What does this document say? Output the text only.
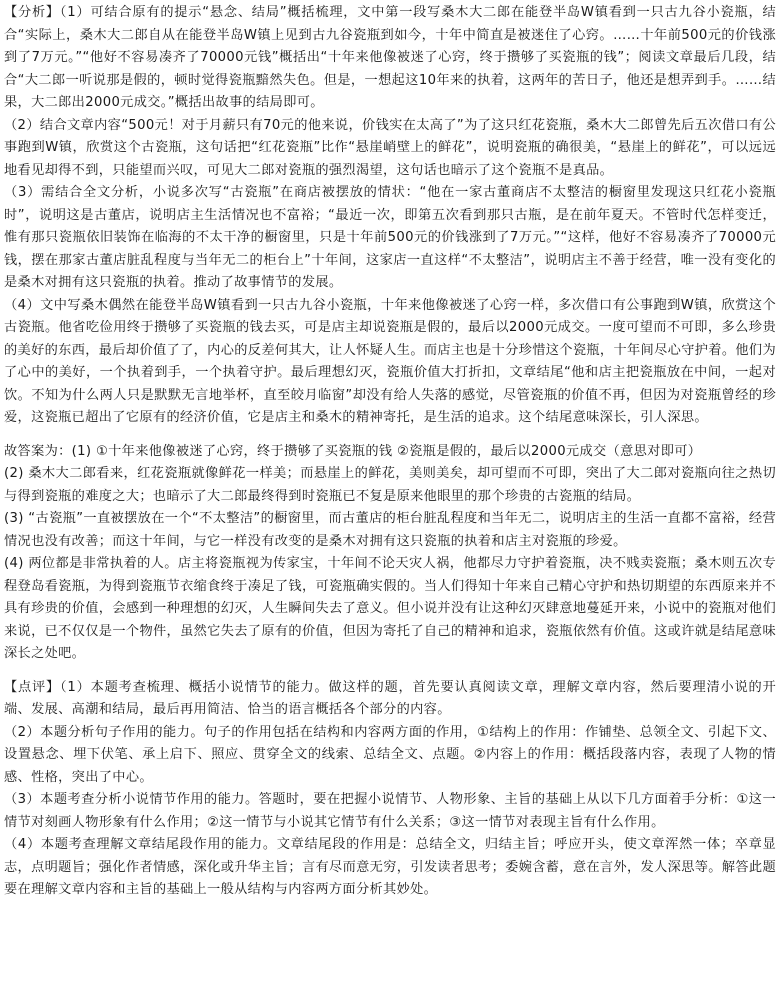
【分析】（1）可结合原有的提示“悬念、结局”概括梳理，文中第一段写桑木大二郎在能登半岛W镇看到一只古九谷小瓷瓶，结合“实际上，桑木大二郎自从在能登半岛W镇上见到古九谷瓷瓶到如今，十年中简直是被迷住了心窍。……十年前500元的价钱涨到了7万元。”“他好不容易凑齐了70000元钱”概括出“十年来他像被迷了心窍，终于攒够了买瓷瓶的钱”；阅读文章最后几段，结合“大二郎一听说那是假的，顿时觉得瓷瓶黯然失色。但是，一想起这10年来的执着，这两年的苦日子，他还是想弄到手。……结果，大二郎出2000元成交。”概括出故事的结局即可。

（2）结合文章内容“500元！对于月薪只有70元的他来说，价钱实在太高了”为了这只红花瓷瓶，桑木大二郎曾先后五次借口有公事跑到W镇，欣赏这个古瓷瓶，这句话把“红花瓷瓶”比作“悬崖峭壁上的鲜花”，说明瓷瓶的确很美，“悬崖上的鲜花”，可以远远地看见却得不到，只能望而兴叹，可见大二郎对瓷瓶的强烈渴望，这句话也暗示了这个瓷瓶不是真品。

（3）需结合全文分析，小说多次写“古瓷瓶”在商店被摆放的情状：“他在一家古董商店不太整洁的橱窗里发现这只红花小瓷瓶时”，说明这是古董店，说明店主生活情况也不富裕；“最近一次，即第五次看到那只古瓶，是在前年夏天。不管时代怎样变迁，惟有那只瓷瓶依旧装饰在临海的不太干净的橱窗里，只是十年前500元的价钱涨到了7万元。”“这样，他好不容易凑齐了70000元钱，摆在那家古董店脏乱程度与当年无二的柜台上”十年间，这家店一直这样“不太整洁”，说明店主不善于经营，唯一没有变化的是桑木对拥有这只瓷瓶的执着。推动了故事情节的发展。

（4）文中写桑木偶然在能登半岛W镇看到一只古九谷小瓷瓶，十年来他像被迷了心窍一样，多次借口有公事跑到W镇，欣赏这个古瓷瓶。他省吃俭用终于攒够了买瓷瓶的钱去买，可是店主却说瓷瓶是假的，最后以2000元成交。一度可望而不可即，多么珍贵的美好的东西，最后却价值了了，内心的反差何其大，让人怀疑人生。而店主也是十分珍惜这个瓷瓶，十年间尽心守护着。他们为了心中的美好，一个执着到手，一个执着守护。最后理想幻灭，瓷瓶价值大打折扣，文章结尾“他和店主把瓷瓶放在中间，一起对饮。不知为什么两人只是默默无言地举杯，直至皎月临窗”却没有给人失落的感觉，尽管瓷瓶的价值不再，但因为对瓷瓶曾经的珍爱，这瓷瓶已超出了它原有的经济价值，它是店主和桑木的精神寄托，是生活的追求。这个结尾意味深长，引人深思。

故答案为：(1) ①十年来他像被迷了心窍，终于攒够了买瓷瓶的钱 ②瓷瓶是假的，最后以2000元成交（意思对即可）

(2) 桑木大二郎看来，红花瓷瓶就像鲜花一样美；而悬崖上的鲜花，美则美矣，却可望而不可即，突出了大二郎对瓷瓶向往之热切与得到瓷瓶的难度之大；也暗示了大二郎最终得到时瓷瓶已不复是原来他眼里的那个珍贵的古瓷瓶的结局。

(3) “古瓷瓶”一直被摆放在一个“不太整洁”的橱窗里，而古董店的柜台脏乱程度和当年无二，说明店主的生活一直都不富裕，经营情况也没有改善；而这十年间，与它一样没有改变的是桑木对拥有这只瓷瓶的执着和店主对瓷瓶的珍爱。

(4) 两位都是非常执着的人。店主将瓷瓶视为传家宝，十年间不论天灾人祸，他都尽力守护着瓷瓶，决不贱卖瓷瓶；桑木则五次专程登岛看瓷瓶，为得到瓷瓶节衣缩食终于凑足了钱，可瓷瓶确实假的。当人们得知十年来自己精心守护和热切期望的东西原来并不具有珍贵的价值，会感到一种理想的幻灭，人生瞬间失去了意义。但小说并没有让这种幻灭肆意地蔓延开来，小说中的瓷瓶对他们来说，已不仅仅是一个物件，虽然它失去了原有的价值，但因为寄托了自己的精神和追求，瓷瓶依然有价值。这或许就是结尾意味深长之处吧。

【点评】（1）本题考查梳理、概括小说情节的能力。做这样的题，首先要认真阅读文章，理解文章内容，然后要理清小说的开端、发展、高潮和结局，最后再用简洁、恰当的语言概括各个部分的内容。

（2）本题分析句子作用的能力。句子的作用包括在结构和内容两方面的作用，①结构上的作用：作铺垫、总领全文、引起下文、设置悬念、埋下伏笔、承上启下、照应、贯穿全文的线索、总结全文、点题。②内容上的作用：概括段落内容，表现了人物的情感、性格，突出了中心。

（3）本题考查分析小说情节作用的能力。答题时，要在把握小说情节、人物形象、主旨的基础上从以下几方面着手分析：①这一情节对刻画人物形象有什么作用；②这一情节与小说其它情节有什么关系；③这一情节对表现主旨有什么作用。

（4）本题考查理解文章结尾段作用的能力。文章结尾段的作用是：总结全文，归结主旨；呼应开头，使文章浑然一体；卒章显志，点明题旨；强化作者情感，深化或升华主旨；言有尽而意无穷，引发读者思考；委婉含蓄，意在言外，发人深思等。解答此题要在理解文章内容和主旨的基础上一般从结构与内容两方面分析其妙处。
